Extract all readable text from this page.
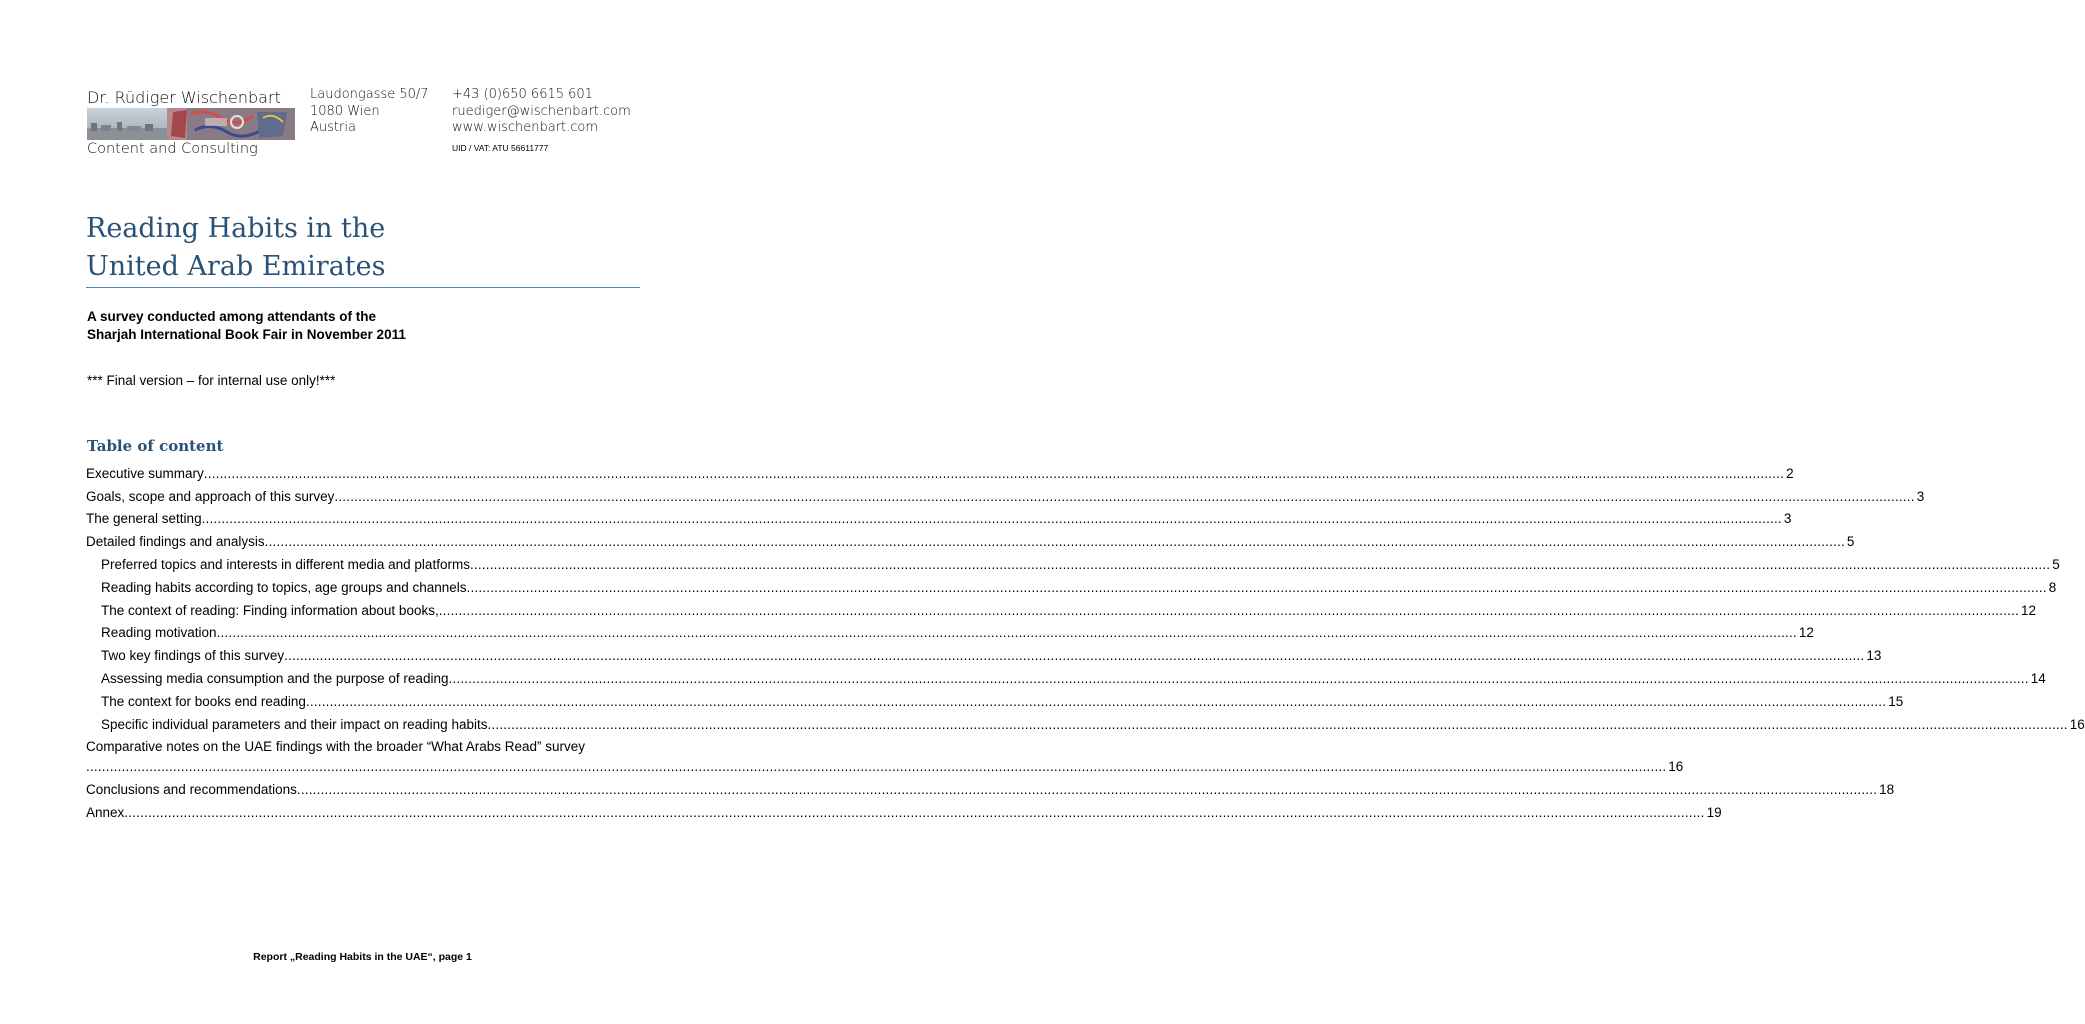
Dr. Rüdiger Wischenbart
Content and Consulting
Laudongasse 50/7
1080 Wien
Austria
+43 (0)650 6615 601
ruediger@wischenbart.com
www.wischenbart.com
UID / VAT: ATU 56611777
Reading Habits in the
United Arab Emirates
A survey conducted among attendants of the
Sharjah International Book Fair in November 2011
*** Final version – for internal use only!***
Table of content
Executive summary ................................................................................................................................................................................................................................................................................................................................................................................................................ 2
Goals, scope and approach of this survey ................................................................................................................................................................................................................................................................................................................................................................................................................ 3
The general setting ................................................................................................................................................................................................................................................................................................................................................................................................................ 3
Detailed findings and analysis ................................................................................................................................................................................................................................................................................................................................................................................................................ 5
Preferred topics and interests in different media and platforms ................................................................................................................................................................................................................................................................................................................................................................................................................ 5
Reading habits according to topics, age groups and channels ................................................................................................................................................................................................................................................................................................................................................................................................................ 8
The context of reading: Finding information about books, ................................................................................................................................................................................................................................................................................................................................................................................................................ 12
Reading motivation ................................................................................................................................................................................................................................................................................................................................................................................................................ 12
Two key findings of this survey ................................................................................................................................................................................................................................................................................................................................................................................................................ 13
Assessing media consumption and the purpose of reading ................................................................................................................................................................................................................................................................................................................................................................................................................ 14
The context for books end reading ................................................................................................................................................................................................................................................................................................................................................................................................................ 15
Specific individual parameters and their impact on reading habits ................................................................................................................................................................................................................................................................................................................................................................................................................ 16
Comparative notes on the UAE findings with the broader “What Arabs Read” survey
................................................................................................................................................................................................................................................................................................................................................................................................................ 16
Conclusions and recommendations ................................................................................................................................................................................................................................................................................................................................................................................................................ 18
Annex ................................................................................................................................................................................................................................................................................................................................................................................................................ 19
Report „Reading Habits in the UAE“, page 1
